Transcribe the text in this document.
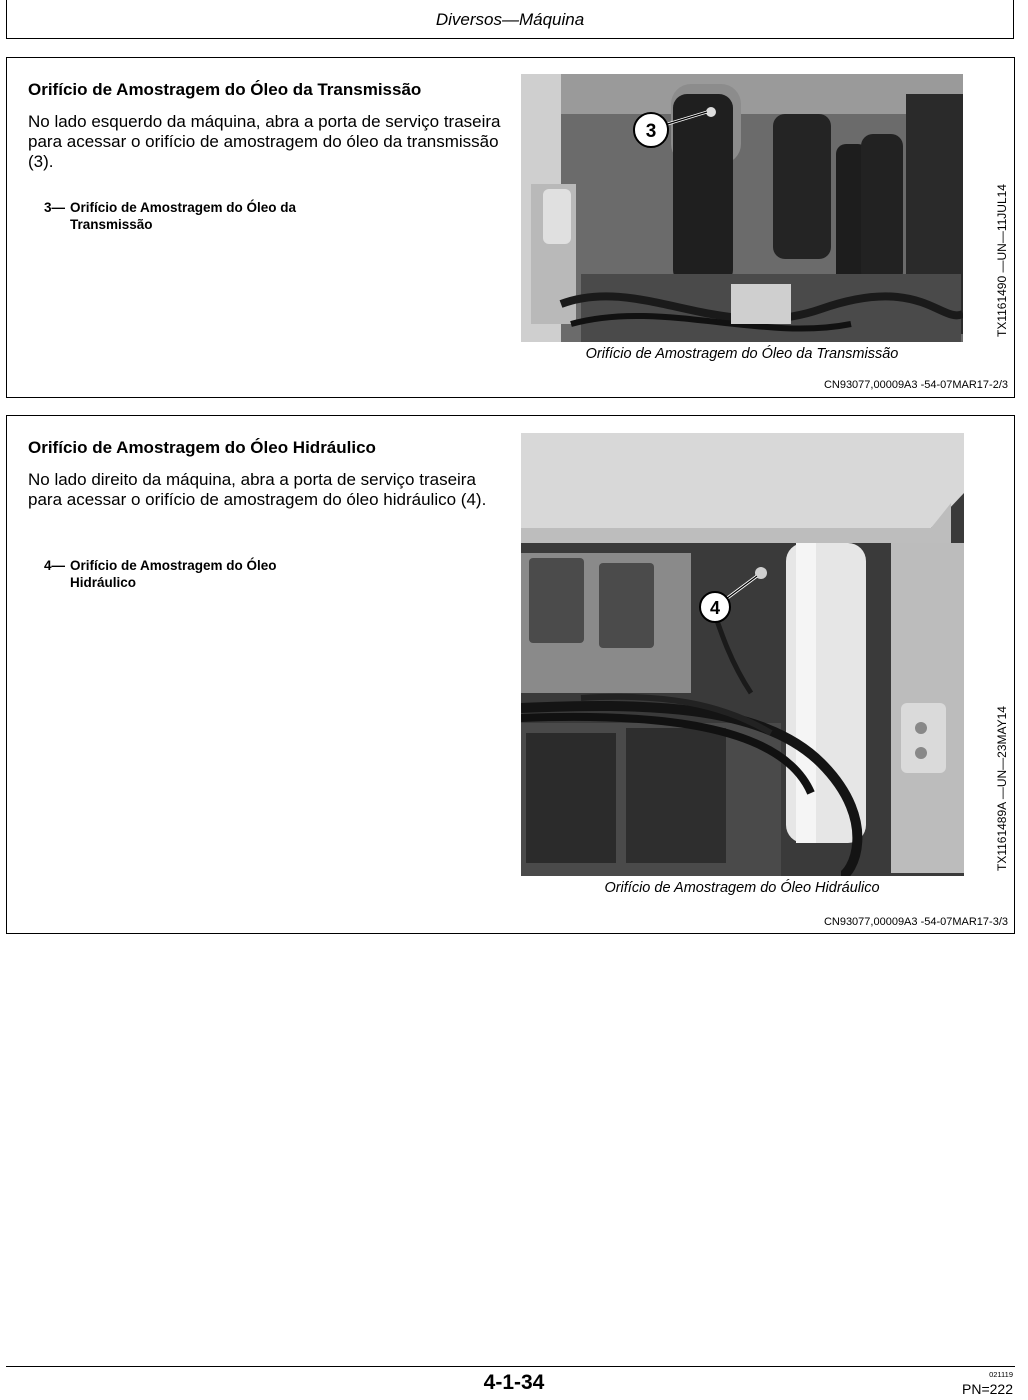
Diversos—Máquina
Orifício de Amostragem do Óleo da Transmissão
No lado esquerdo da máquina, abra a porta de serviço traseira para acessar o orifício de amostragem do óleo da transmissão (3).
3— Orifício de Amostragem do Óleo da Transmissão
3
Orifício de Amostragem do Óleo da Transmissão
TX1161490 —UN—11JUL14
CN93077,00009A3 -54-07MAR17-2/3
Orifício de Amostragem do Óleo Hidráulico
No lado direito da máquina, abra a porta de serviço traseira para acessar o orifício de amostragem do óleo hidráulico (4).
4— Orifício de Amostragem do Óleo Hidráulico
4
Orifício de Amostragem do Óleo Hidráulico
TX1161489A —UN—23MAY14
CN93077,00009A3 -54-07MAR17-3/3
4-1-34	021119
PN=222
